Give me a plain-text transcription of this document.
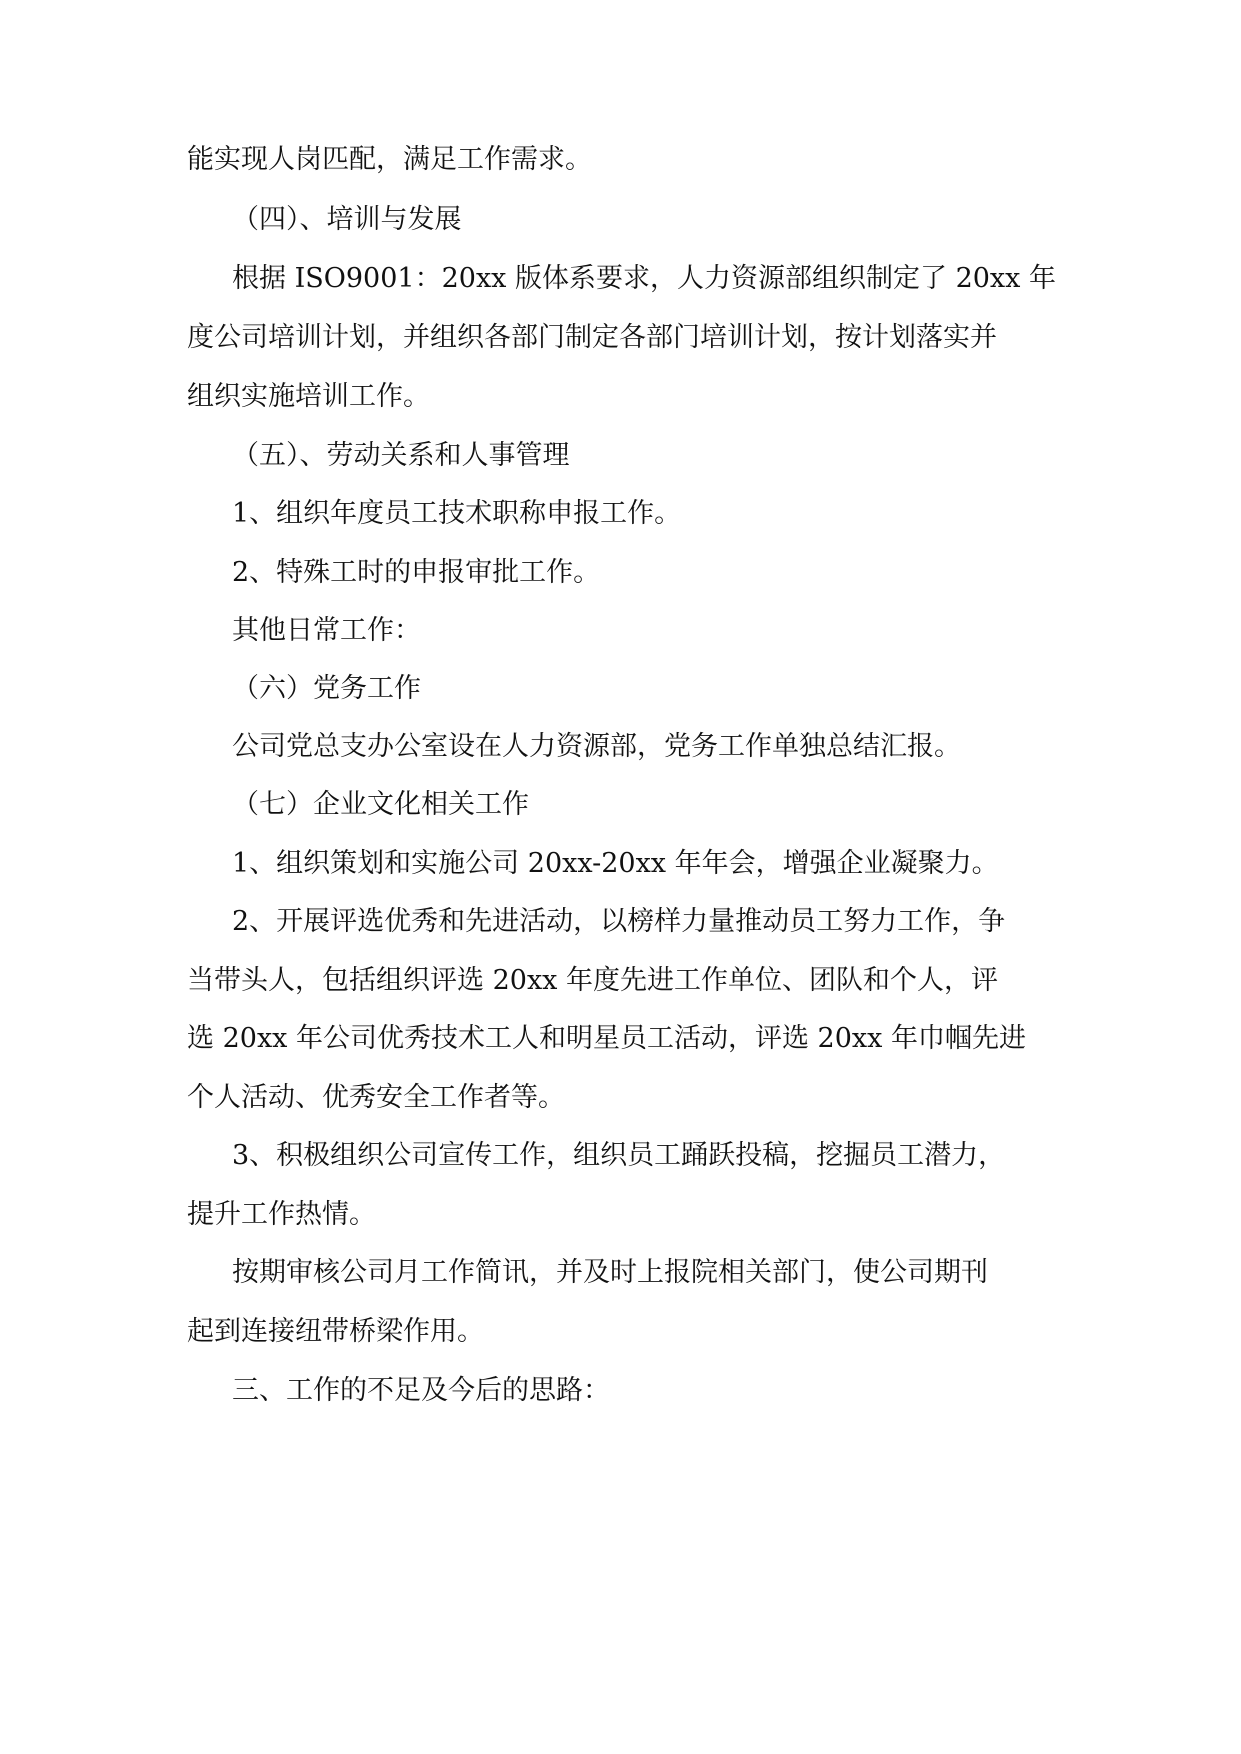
能实现人岗匹配，满足工作需求。
（四）、培训与发展
根据 ISO9001：20xx 版体系要求，人力资源部组织制定了 20xx 年
度公司培训计划，并组织各部门制定各部门培训计划，按计划落实并
组织实施培训工作。
（五）、劳动关系和人事管理
1、组织年度员工技术职称申报工作。
2、特殊工时的申报审批工作。
其他日常工作：
（六）党务工作
公司党总支办公室设在人力资源部，党务工作单独总结汇报。
（七）企业文化相关工作
1、组织策划和实施公司 20xx-20xx 年年会，增强企业凝聚力。
2、开展评选优秀和先进活动，以榜样力量推动员工努力工作，争
当带头人，包括组织评选 20xx 年度先进工作单位、团队和个人，评
选 20xx 年公司优秀技术工人和明星员工活动，评选 20xx 年巾帼先进
个人活动、优秀安全工作者等。
3、积极组织公司宣传工作，组织员工踊跃投稿，挖掘员工潜力，
提升工作热情。
按期审核公司月工作简讯，并及时上报院相关部门，使公司期刊
起到连接纽带桥梁作用。
三、工作的不足及今后的思路：
